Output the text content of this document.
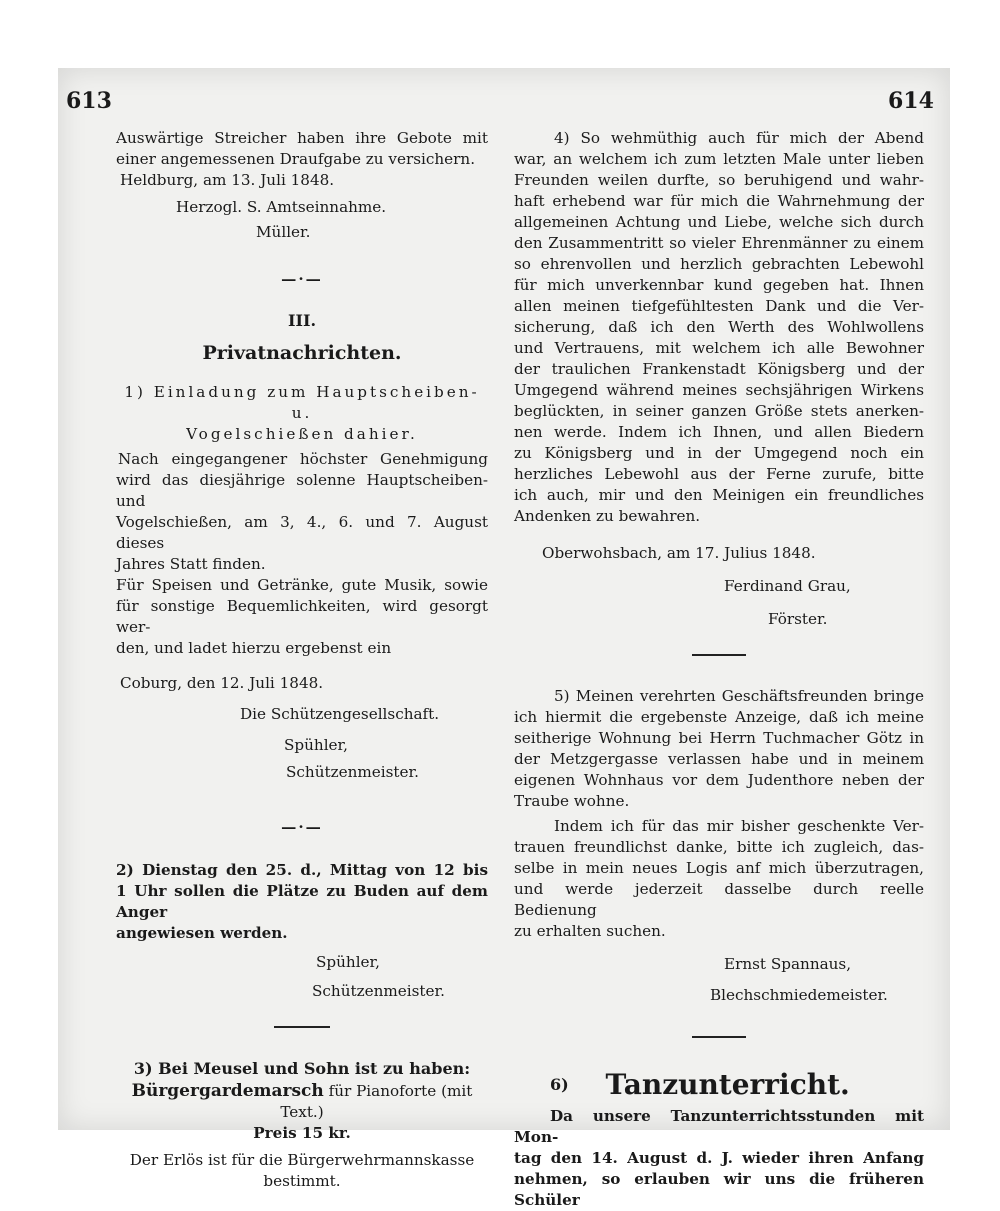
613	614

Auswärtige Streicher haben ihre Gebote mit

einer angemessenen Draufgabe zu versichern.

Heldburg, am 13. Juli 1848.

Herzogl. S. Amtseinnahme.

Müller.

—·—

III.

Privatnachrichten.

1) Einladung zum Hauptscheiben- u.

Vogelschießen dahier.

Nach eingegangener höchster Genehmigung

wird das diesjährige solenne Hauptscheiben- und

Vogelschießen, am 3, 4., 6. und 7. August dieses

Jahres Statt finden.

Für Speisen und Getränke, gute Musik, sowie

für sonstige Bequemlichkeiten, wird gesorgt wer-

den, und ladet hierzu ergebenst ein

Coburg, den 12. Juli 1848.

Die Schützengesellschaft.

Spühler,

Schützenmeister.

—·—

2) Dienstag den 25. d., Mittag von 12 bis

1 Uhr sollen die Plätze zu Buden auf dem Anger

angewiesen werden.

Spühler,

Schützenmeister.

3) Bei Meusel und Sohn ist zu haben:

Bürgergardemarsch für Pianoforte (mit Text.)

Preis 15 kr.

Der Erlös ist für die Bürgerwehrmannskasse

bestimmt.

4) So wehmüthig auch für mich der Abend

war, an welchem ich zum letzten Male unter lieben

Freunden weilen durfte, so beruhigend und wahr-

haft erhebend war für mich die Wahrnehmung der

allgemeinen Achtung und Liebe, welche sich durch

den Zusammentritt so vieler Ehrenmänner zu einem

so ehrenvollen und herzlich gebrachten Lebewohl

für mich unverkennbar kund gegeben hat. Ihnen

allen meinen tiefgefühltesten Dank und die Ver-

sicherung, daß ich den Werth des Wohlwollens

und Vertrauens, mit welchem ich alle Bewohner

der traulichen Frankenstadt Königsberg und der

Umgegend während meines sechsjährigen Wirkens

beglückten, in seiner ganzen Größe stets anerken-

nen werde. Indem ich Ihnen, und allen Biedern

zu Königsberg und in der Umgegend noch ein

herzliches Lebewohl aus der Ferne zurufe, bitte

ich auch, mir und den Meinigen ein freundliches

Andenken zu bewahren.

Oberwohsbach, am 17. Julius 1848.

Ferdinand Grau,

Förster.

5) Meinen verehrten Geschäftsfreunden bringe

ich hiermit die ergebenste Anzeige, daß ich meine

seitherige Wohnung bei Herrn Tuchmacher Götz in

der Metzgergasse verlassen habe und in meinem

eigenen Wohnhaus vor dem Judenthore neben der

Traube wohne.

Indem ich für das mir bisher geschenkte Ver-

trauen freundlichst danke, bitte ich zugleich, das-

selbe in mein neues Logis anf mich überzutragen,

und werde jederzeit dasselbe durch reelle Bedienung

zu erhalten suchen.

Ernst Spannaus,

Blechschmiedemeister.

6) Tanzunterricht.

Da unsere Tanzunterrichtsstunden mit Mon-

tag den 14. August d. J. wieder ihren Anfang

nehmen, so erlauben wir uns die früheren Schüler
